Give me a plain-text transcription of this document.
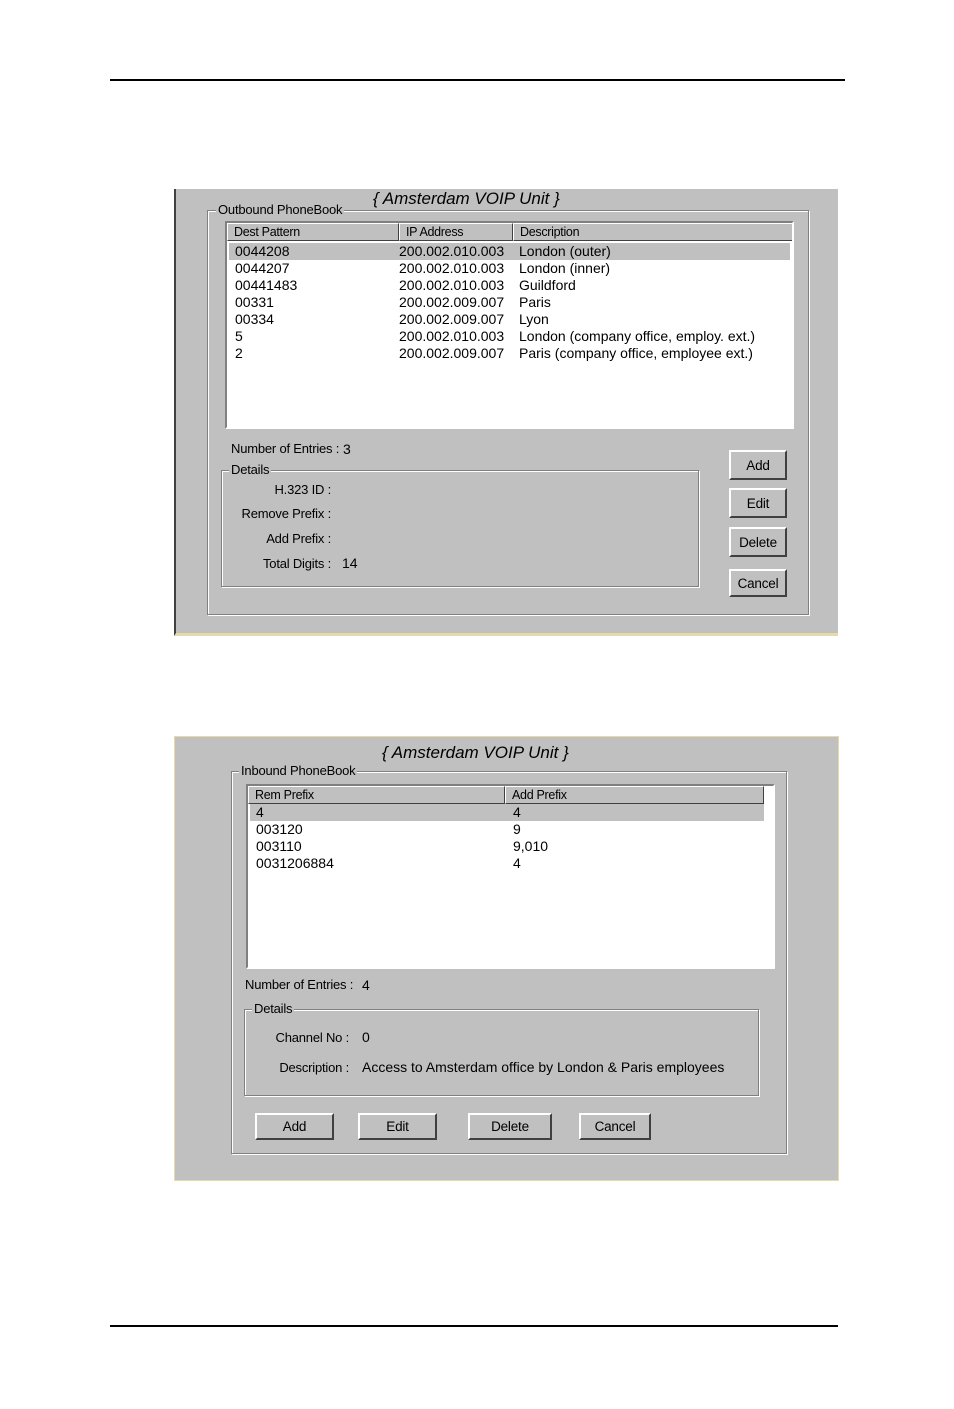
Outbound PhoneBook
{ Amsterdam VOIP Unit }
Dest Pattern	IP Address	Description
0044208	200.002.010.003 London (outer)
0044207	200.002.010.003 London (inner)
00441483	200.002.010.003 Guildford
00331	200.002.009.007 Paris
00334	200.002.009.007 Lyon
5	200.002.010.003 London (company office, employ. ext.)
2	200.002.009.007 Paris (company office, employee ext.)
Number of Entries : 3
Details
H.323 ID :
Remove Prefix :
Add Prefix :
Total Digits : 14
Add
Edit
Delete
Cancel
Inbound PhoneBook
{ Amsterdam VOIP Unit }
Rem Prefix	Add Prefix
4	4
003120	9
003110	9,010
0031206884	4
Number of Entries : 4
Details
Channel No : 0
Description : Access to Amsterdam office by London & Paris employees
Add	Edit	Delete	Cancel
